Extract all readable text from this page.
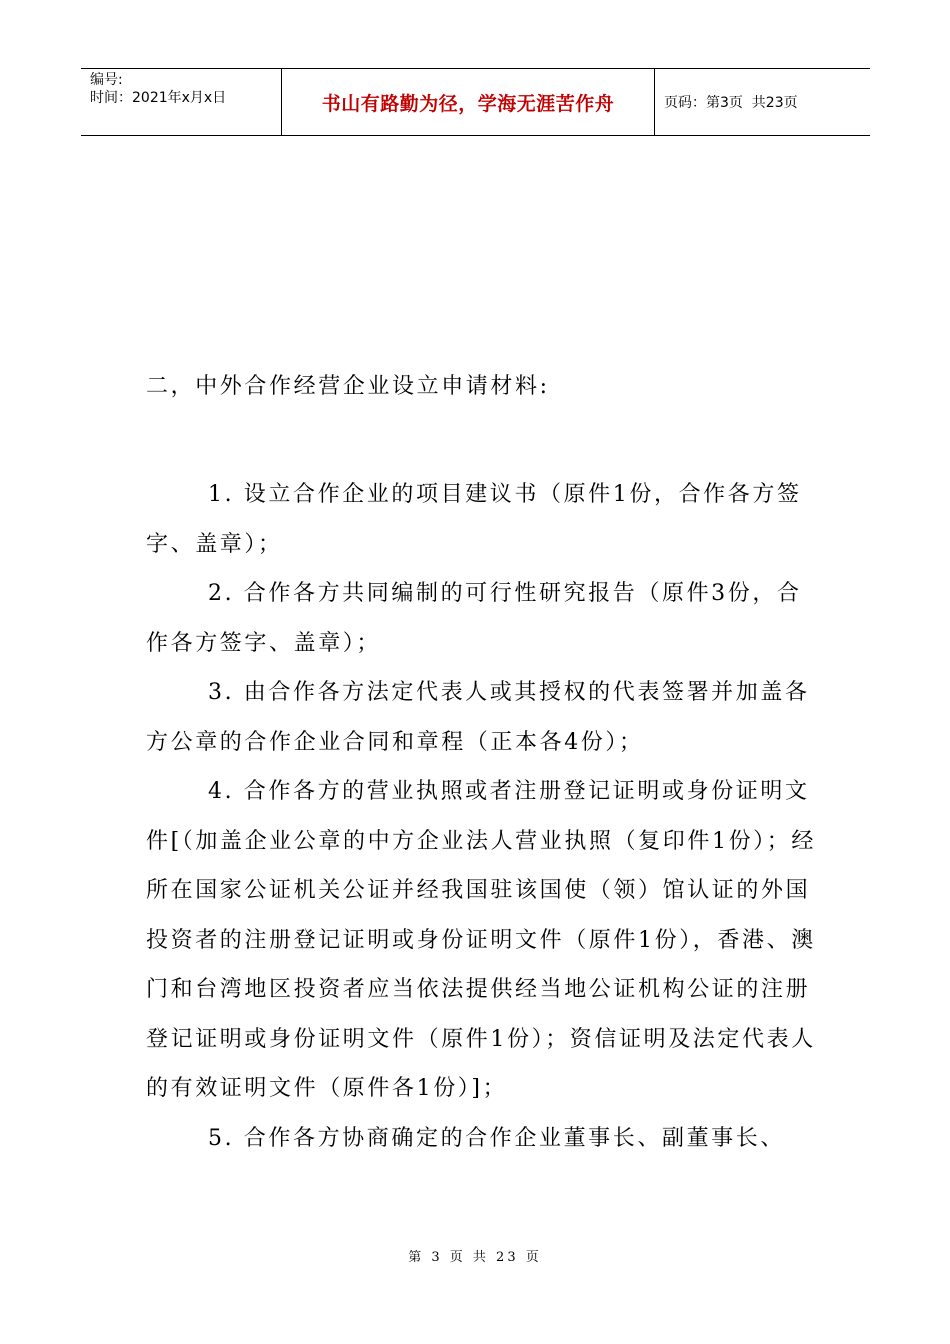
编号:
时间：2021年x月x日	书山有路勤为径，学海无涯苦作舟	页码：第3页  共23页

二，中外合作经营企业设立申请材料:

1. 设立合作企业的项目建议书（原件1份，合作各方签字、盖章）；

2. 合作各方共同编制的可行性研究报告（原件3份，合作各方签字、盖章）；

3. 由合作各方法定代表人或其授权的代表签署并加盖各方公章的合作企业合同和章程（正本各4份）；

4. 合作各方的营业执照或者注册登记证明或身份证明文件[（加盖企业公章的中方企业法人营业执照（复印件1份）；经所在国家公证机关公证并经我国驻该国使（领）馆认证的外国投资者的注册登记证明或身份证明文件（原件1份），香港、澳门和台湾地区投资者应当依法提供经当地公证机构公证的注册登记证明或身份证明文件（原件1份）；资信证明及法定代表人的有效证明文件（原件各1份）]；

5. 合作各方协商确定的合作企业董事长、副董事长、

第 3 页 共 23 页
